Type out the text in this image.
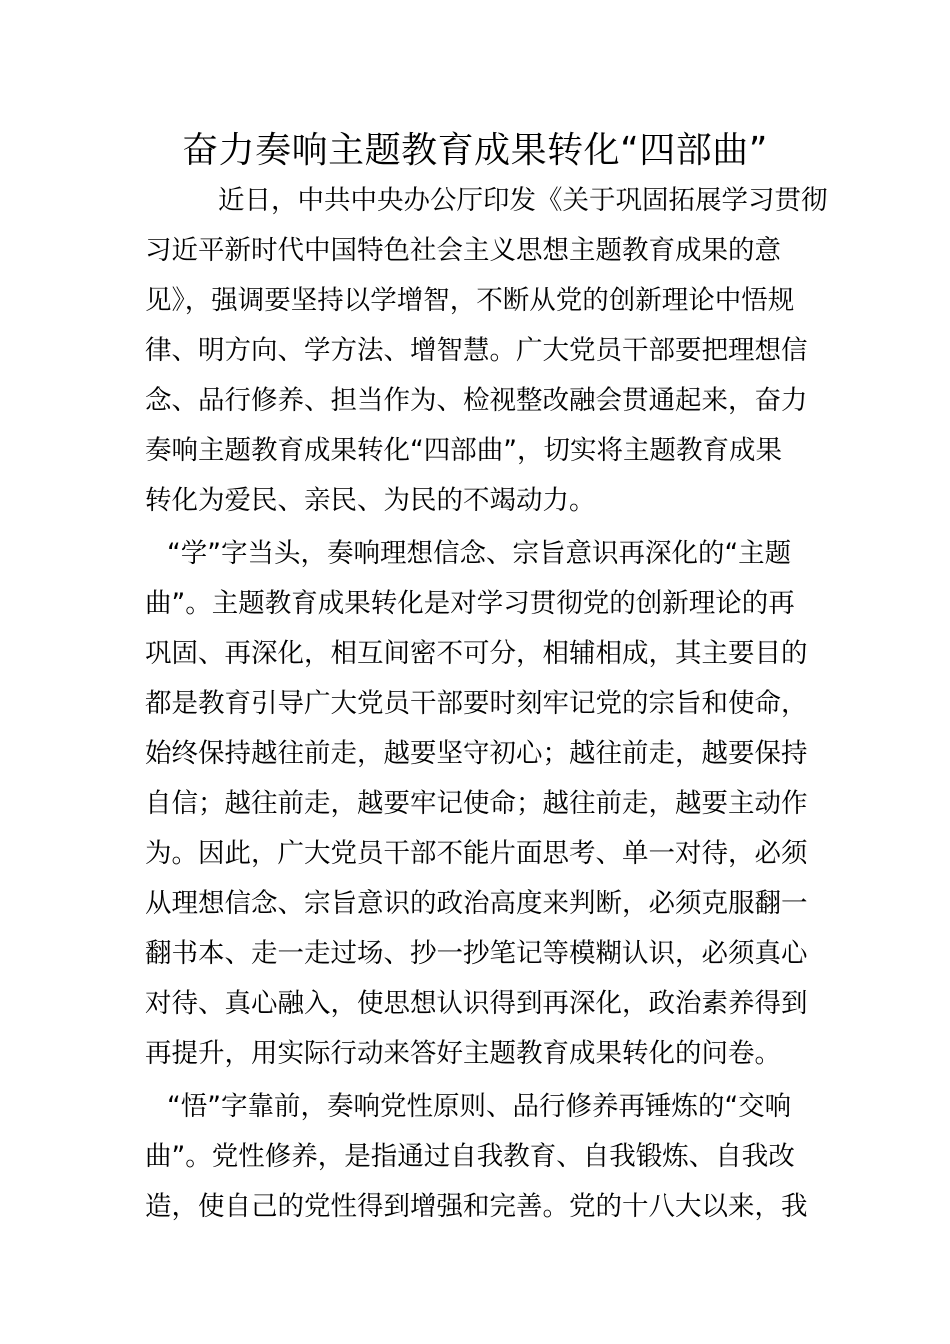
奋力奏响主题教育成果转化“四部曲”
近日，中共中央办公厅印发《关于巩固拓展学习贯彻
习近平新时代中国特色社会主义思想主题教育成果的意
见》，强调要坚持以学增智，不断从党的创新理论中悟规
律、明方向、学方法、增智慧。广大党员干部要把理想信
念、品行修养、担当作为、检视整改融会贯通起来，奋力
奏响主题教育成果转化“四部曲”，切实将主题教育成果
转化为爱民、亲民、为民的不竭动力。
“学”字当头，奏响理想信念、宗旨意识再深化的“主题
曲”。主题教育成果转化是对学习贯彻党的创新理论的再
巩固、再深化，相互间密不可分，相辅相成，其主要目的
都是教育引导广大党员干部要时刻牢记党的宗旨和使命，
始终保持越往前走，越要坚守初心；越往前走，越要保持
自信；越往前走，越要牢记使命；越往前走，越要主动作
为。因此，广大党员干部不能片面思考、单一对待，必须
从理想信念、宗旨意识的政治高度来判断，必须克服翻一
翻书本、走一走过场、抄一抄笔记等模糊认识，必须真心
对待、真心融入，使思想认识得到再深化，政治素养得到
再提升，用实际行动来答好主题教育成果转化的问卷。
“悟”字靠前，奏响党性原则、品行修养再锤炼的“交响
曲”。党性修养，是指通过自我教育、自我锻炼、自我改
造，使自己的党性得到增强和完善。党的十八大以来，我
